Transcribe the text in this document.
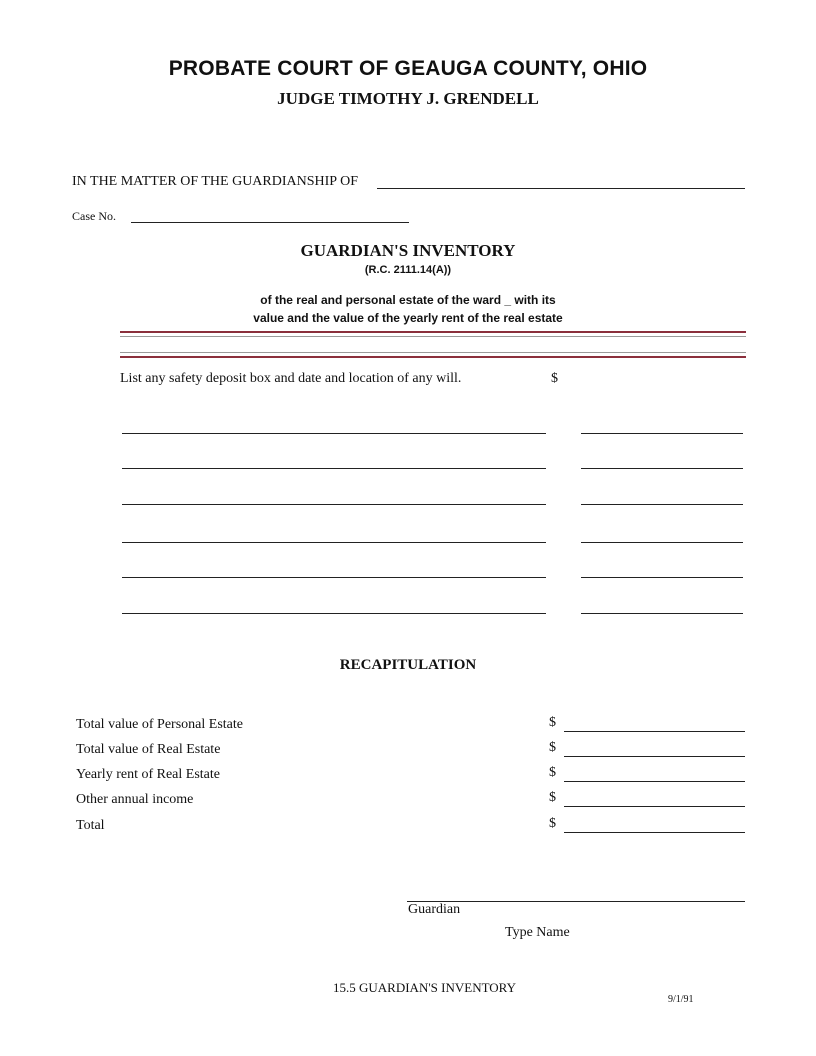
PROBATE COURT OF GEAUGA COUNTY, OHIO
JUDGE TIMOTHY J. GRENDELL
IN THE MATTER OF THE GUARDIANSHIP OF
Case No.
GUARDIAN'S INVENTORY
(R.C. 2111.14(A))
of the real and personal estate of the ward _ with its
value and the value of the yearly rent of the real estate
List any safety deposit box and date and location of any will.	$
RECAPITULATION
Total value of Personal Estate	$
Total value of Real Estate	$
Yearly rent of Real Estate	$
Other annual income	$
Total	$
Guardian
Type Name
15.5 GUARDIAN'S INVENTORY
9/1/91
